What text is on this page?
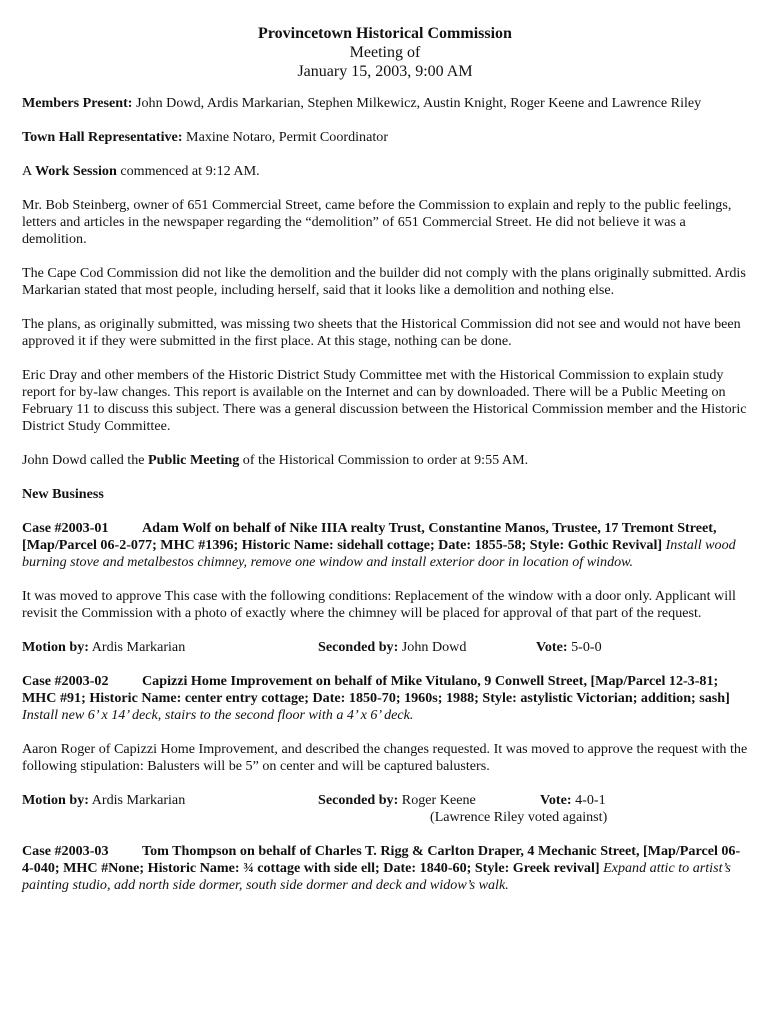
Provincetown Historical Commission
Meeting of
January 15, 2003, 9:00 AM

Members Present: John Dowd, Ardis Markarian, Stephen Milkewicz, Austin Knight, Roger Keene and Lawrence Riley

Town Hall Representative: Maxine Notaro, Permit Coordinator

A Work Session commenced at 9:12 AM.

Mr. Bob Steinberg, owner of 651 Commercial Street, came before the Commission to explain and reply to the public feelings, letters and articles in the newspaper regarding the “demolition” of 651 Commercial Street. He did not believe it was a demolition.

The Cape Cod Commission did not like the demolition and the builder did not comply with the plans originally submitted. Ardis Markarian stated that most people, including herself, said that it looks like a demolition and nothing else.

The plans, as originally submitted, was missing two sheets that the Historical Commission did not see and would not have been approved it if they were submitted in the first place. At this stage, nothing can be done.

Eric Dray and other members of the Historic District Study Committee met with the Historical Commission to explain study report for by-law changes. This report is available on the Internet and can by downloaded. There will be a Public Meeting on February 11 to discuss this subject. There was a general discussion between the Historical Commission member and the Historic District Study Committee.

John Dowd called the Public Meeting of the Historical Commission to order at 9:55 AM.

New Business

Case #2003-01 Adam Wolf on behalf of Nike IIIA realty Trust, Constantine Manos, Trustee, 17 Tremont Street, [Map/Parcel 06-2-077; MHC #1396; Historic Name: sidehall cottage; Date: 1855-58; Style: Gothic Revival] Install wood burning stove and metalbestos chimney, remove one window and install exterior door in location of window.

It was moved to approve This case with the following conditions: Replacement of the window with a door only. Applicant will revisit the Commission with a photo of exactly where the chimney will be placed for approval of that part of the request.

Motion by: Ardis Markarian	Seconded by: John Dowd	Vote: 5-0-0

Case #2003-02 Capizzi Home Improvement on behalf of Mike Vitulano, 9 Conwell Street, [Map/Parcel 12-3-81; MHC #91; Historic Name: center entry cottage; Date: 1850-70; 1960s; 1988; Style: astylistic Victorian; addition; sash] Install new 6’ x 14’ deck, stairs to the second floor with a 4’ x 6’ deck.

Aaron Roger of Capizzi Home Improvement, and described the changes requested. It was moved to approve the request with the following stipulation: Balusters will be 5” on center and will be captured balusters.

Motion by: Ardis Markarian	Seconded by: Roger Keene	Vote: 4-0-1
(Lawrence Riley voted against)

Case #2003-03 Tom Thompson on behalf of Charles T. Rigg & Carlton Draper, 4 Mechanic Street, [Map/Parcel 06-4-040; MHC #None; Historic Name: ¾ cottage with side ell; Date: 1840-60; Style: Greek revival] Expand attic to artist’s painting studio, add north side dormer, south side dormer and deck and widow’s walk.
